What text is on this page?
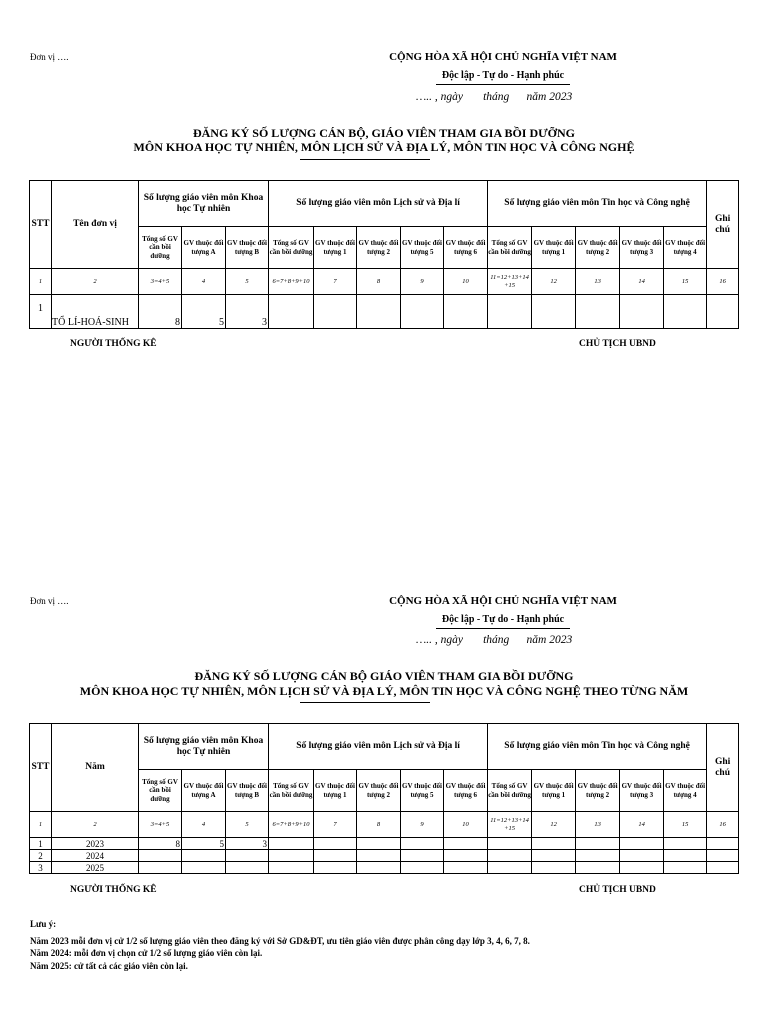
Đơn vị ….	CỘNG HÒA XÃ HỘI CHỦ NGHĨA VIỆT NAM
Độc lập - Tự do - Hạnh phúc
….. , ngày tháng năm 2023
ĐĂNG KÝ SỐ LƯỢNG CÁN BỘ, GIÁO VIÊN THAM GIA BỒI DƯỠNG
MÔN KHOA HỌC TỰ NHIÊN, MÔN LỊCH SỬ VÀ ĐỊA LÝ, MÔN TIN HỌC VÀ CÔNG NGHỆ
STT	Tên đơn vị	Số lượng giáo viên môn Khoa học Tự nhiên			Số lượng giáo viên môn Lịch sử và Địa lí					Số lượng giáo viên môn Tin học và Công nghệ					Ghi chú
		Tổng số GV cần bồi dưỡng	GV thuộc đối tượng A	GV thuộc đối tượng B	Tổng số GV cần bồi dưỡng	GV thuộc đối tượng 1	GV thuộc đối tượng 2	GV thuộc đối tượng 5	GV thuộc đối tượng 6	Tổng số GV cần bồi dưỡng	GV thuộc đối tượng 1	GV thuộc đối tượng 2	GV thuộc đối tượng 3	GV thuộc đối tượng 4	
1	2	3=4+5	4	5	6=7+8+9+10	7	8	9	10	11=12+13+14+15	12	13	14	15	16
1	TỔ LÍ-HOÁ-SINH	8	5	3											
NGƯỜI THỐNG KÊ	CHỦ TỊCH UBND
Đơn vị ….	CỘNG HÒA XÃ HỘI CHỦ NGHĨA VIỆT NAM
Độc lập - Tự do - Hạnh phúc
….. , ngày tháng năm 2023
ĐĂNG KÝ SỐ LƯỢNG CÁN BỘ GIÁO VIÊN THAM GIA BỒI DƯỠNG
MÔN KHOA HỌC TỰ NHIÊN, MÔN LỊCH SỬ VÀ ĐỊA LÝ, MÔN TIN HỌC VÀ CÔNG NGHỆ THEO TỪNG NĂM
STT	Năm	Số lượng giáo viên môn Khoa học Tự nhiên			Số lượng giáo viên môn Lịch sử và Địa lí					Số lượng giáo viên môn Tin học và Công nghệ					Ghi chú
		Tổng số GV cần bồi dưỡng	GV thuộc đối tượng A	GV thuộc đối tượng B	Tổng số GV cần bồi dưỡng	GV thuộc đối tượng 1	GV thuộc đối tượng 2	GV thuộc đối tượng 5	GV thuộc đối tượng 6	Tổng số GV cần bồi dưỡng	GV thuộc đối tượng 1	GV thuộc đối tượng 2	GV thuộc đối tượng 3	GV thuộc đối tượng 4	
1	2	3=4+5	4	5	6=7+8+9+10	7	8	9	10	11=12+13+14+15	12	13	14	15	16
1	2023	8	5	3											
2	2024														
3	2025														
NGƯỜI THỐNG KÊ	CHỦ TỊCH UBND
Lưu ý:
Năm 2023 mỗi đơn vị cử 1/2 số lượng giáo viên theo đăng ký với Sở GD&ĐT, ưu tiên giáo viên được phân công dạy lớp 3, 4, 6, 7, 8.
Năm 2024: mỗi đơn vị chọn cử 1/2 số lượng giáo viên còn lại.
Năm 2025: cử tất cả các giáo viên còn lại.
